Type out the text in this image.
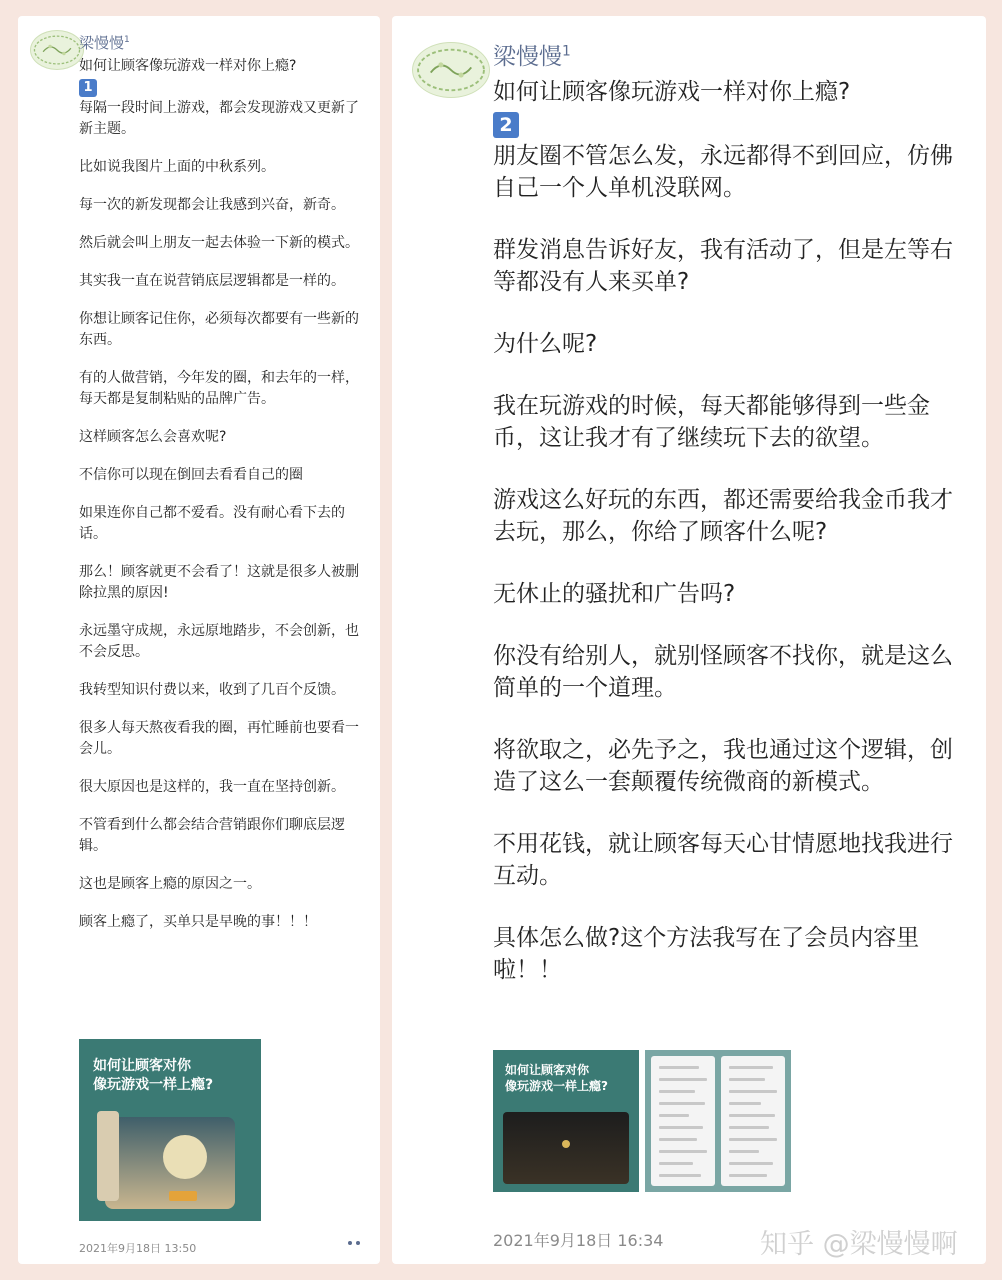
梁慢慢$^1$

如何让顾客像玩游戏一样对你上瘾?

1

每隔一段时间上游戏，都会发现游戏又更新了新主题。

比如说我图片上面的中秋系列。

每一次的新发现都会让我感到兴奋，新奇。

然后就会叫上朋友一起去体验一下新的模式。

其实我一直在说营销底层逻辑都是一样的。

你想让顾客记住你，必须每次都要有一些新的东西。

有的人做营销，今年发的圈，和去年的一样，每天都是复制粘贴的品牌广告。

这样顾客怎么会喜欢呢?

不信你可以现在倒回去看看自己的圈

如果连你自己都不爱看。没有耐心看下去的话。

那么！顾客就更不会看了！这就是很多人被删除拉黑的原因!

永远墨守成规，永远原地踏步，不会创新，也不会反思。

我转型知识付费以来，收到了几百个反馈。

很多人每天熬夜看我的圈，再忙睡前也要看一会儿。

很大原因也是这样的，我一直在坚持创新。

不管看到什么都会结合营销跟你们聊底层逻辑。

这也是顾客上瘾的原因之一。

顾客上瘾了，买单只是早晚的事！！！

如何让顾客对你
像玩游戏一样上瘾?
2021年9月18日 13:50
梁慢慢$^1$

如何让顾客像玩游戏一样对你上瘾?

2

朋友圈不管怎么发，永远都得不到回应，仿佛自己一个人单机没联网。

群发消息告诉好友，我有活动了，但是左等右等都没有人来买单?

为什么呢?

我在玩游戏的时候，每天都能够得到一些金币，这让我才有了继续玩下去的欲望。

游戏这么好玩的东西，都还需要给我金币我才去玩，那么，你给了顾客什么呢?

无休止的骚扰和广告吗?

你没有给别人，就别怪顾客不找你，就是这么简单的一个道理。

将欲取之，必先予之，我也通过这个逻辑，创造了这么一套颠覆传统微商的新模式。

不用花钱，就让顾客每天心甘情愿地找我进行互动。

具体怎么做?这个方法我写在了会员内容里啦！！

如何让顾客对你
像玩游戏一样上瘾?
2021年9月18日 16:34	知乎 @梁慢慢啊
